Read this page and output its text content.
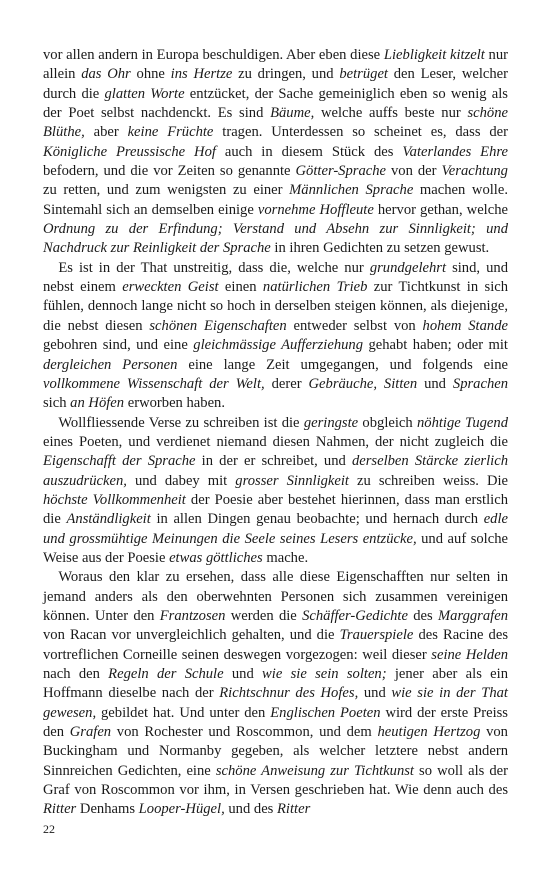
vor allen andern in Europa beschuldigen. Aber eben diese Liebligkeit kitzelt nur allein das Ohr ohne ins Hertze zu dringen, und betrüget den Leser, welcher durch die glatten Worte entzücket, der Sache gemeiniglich eben so wenig als der Poet selbst nachdenckt. Es sind Bäume, welche auffs beste nur schöne Blüthe, aber keine Früchte tragen. Unterdessen so scheinet es, dass der Königliche Preussische Hof auch in diesem Stück des Vaterlandes Ehre befodern, und die vor Zeiten so genannte Götter-Sprache von der Verachtung zu retten, und zum wenigsten zu einer Männlichen Sprache machen wolle. Sintemahl sich an demselben einige vornehme Hoffleute hervor gethan, welche Ordnung zu der Erfindung; Verstand und Absehn zur Sinnligkeit; und Nachdruck zur Reinligkeit der Sprache in ihren Gedichten zu setzen gewust.

Es ist in der That unstreitig, dass die, welche nur grundgelehrt sind, und nebst einem erweckten Geist einen natürlichen Trieb zur Tichtkunst in sich fühlen, dennoch lange nicht so hoch in derselben steigen können, als diejenige, die nebst diesen schönen Eigenschaften entweder selbst von hohem Stande gebohren sind, und eine gleichmässige Aufferziehung gehabt haben; oder mit dergleichen Personen eine lange Zeit umgegangen, und folgends eine vollkommene Wissenschaft der Welt, derer Gebräuche, Sitten und Sprachen sich an Höfen erworben haben.

Wollfliessende Verse zu schreiben ist die geringste obgleich nöhtige Tugend eines Poeten, und verdienet niemand diesen Nahmen, der nicht zugleich die Eigenschafft der Sprache in der er schreibet, und derselben Stärcke zierlich auszudrücken, und dabey mit grosser Sinnligkeit zu schreiben weiss. Die höchste Vollkommenheit der Poesie aber bestehet hierinnen, dass man erstlich die Anständligkeit in allen Dingen genau beobachte; und hernach durch edle und grossmühtige Meinungen die Seele seines Lesers entzücke, und auf solche Weise aus der Poesie etwas göttliches mache.

Woraus den klar zu ersehen, dass alle diese Eigenschafften nur selten in jemand anders als den oberwehnten Personen sich zusammen vereinigen können. Unter den Frantzosen werden die Schäffer-Gedichte des Marggrafen von Racan vor unvergleichlich gehalten, und die Trauerspiele des Racine des vortreflichen Corneille seinen deswegen vorgezogen: weil dieser seine Helden nach den Regeln der Schule und wie sie sein solten; jener aber als ein Hoffmann dieselbe nach der Richtschnur des Hofes, und wie sie in der That gewesen, gebildet hat. Und unter den Englischen Poeten wird der erste Preiss den Grafen von Rochester und Roscommon, und dem heutigen Hertzog von Buckingham und Normanby gegeben, als welcher letztere nebst andern Sinnreichen Gedichten, eine schöne Anweisung zur Tichtkunst so woll als der Graf von Roscommon vor ihm, in Versen geschrieben hat. Wie denn auch des Ritter Denhams Looper-Hügel, und des Ritter

22
